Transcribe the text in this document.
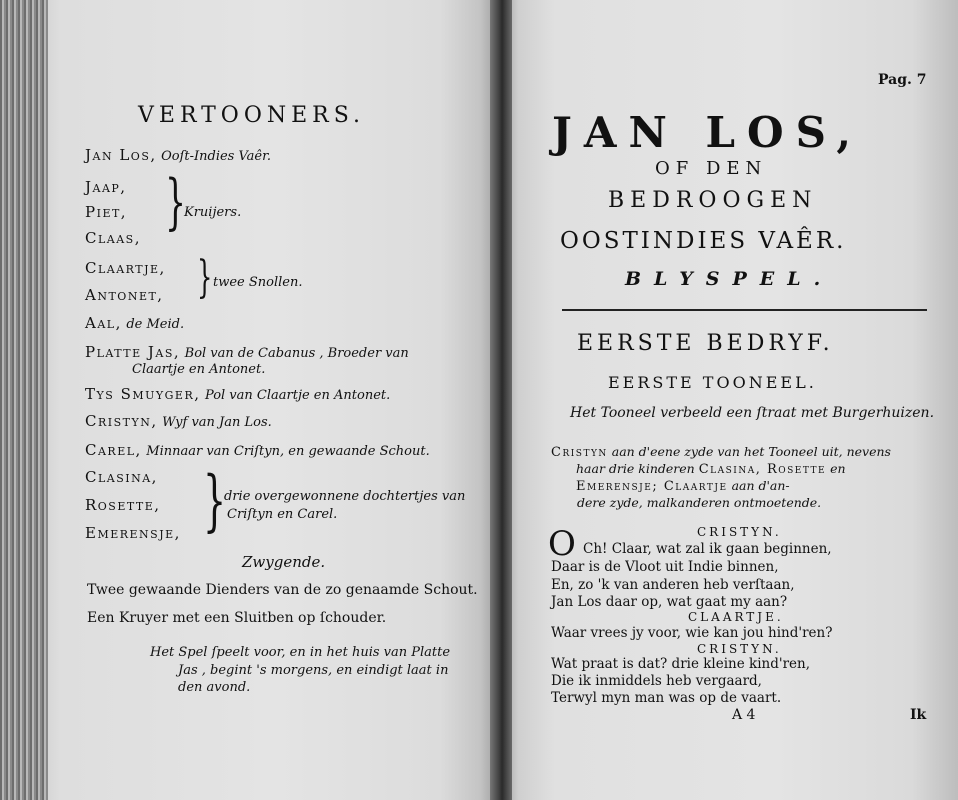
VERTOONERS.
Jan Los, Ooſt-Indies Vaêr.
Jaap,
Piet,
Claas,
}
Kruijers.
Claartje,
Antonet, } twee Snollen.
Aal, de Meid.
Platte Jas, Bol van de Cabanus , Broeder van
Claartje en Antonet.
Tys Smuyger, Pol van Claartje en Antonet.
Cristyn, Wyf van Jan Los.
Carel, Minnaar van Criſtyn, en gewaande Schout.
Clasina,
Rosette,
Emerensje, }
drie overgewonnene dochtertjes van
Criſtyn en Carel.
Zwygende.
Twee gewaande Dienders van de zo genaamde Schout.
Een Kruyer met een Sluitben op ſchouder.
Het Spel ſpeelt voor, en in het huis van Platte
Jas , begint 's morgens, en eindigt laat in
den avond.
Pag. 7
JAN LOS,
OF DEN
BEDROOGEN
OOSTINDIES VAÊR.
BLYSPEL.
EERSTE BEDRYF.
EERSTE TOONEEL.
Het Tooneel verbeeld een ſtraat met Burgerhuizen.
Cristyn aan d'eene zyde van het Tooneel uit, nevens
haar drie kinderen Clasina, Rosette en
Emerensje; Claartje aan d'an-
dere zyde, malkanderen ontmoetende.
CRISTYN.
O Ch! Claar, wat zal ik gaan beginnen,
Daar is de Vloot uit Indie binnen,
En, zo 'k van anderen heb verſtaan,
Jan Los daar op, wat gaat my aan?
CLAARTJE.
Waar vrees jy voor, wie kan jou hind'ren?
CRISTYN.
Wat praat is dat? drie kleine kind'ren,
Die ik inmiddels heb vergaard,
Terwyl myn man was op de vaart.
A 4	Ik
